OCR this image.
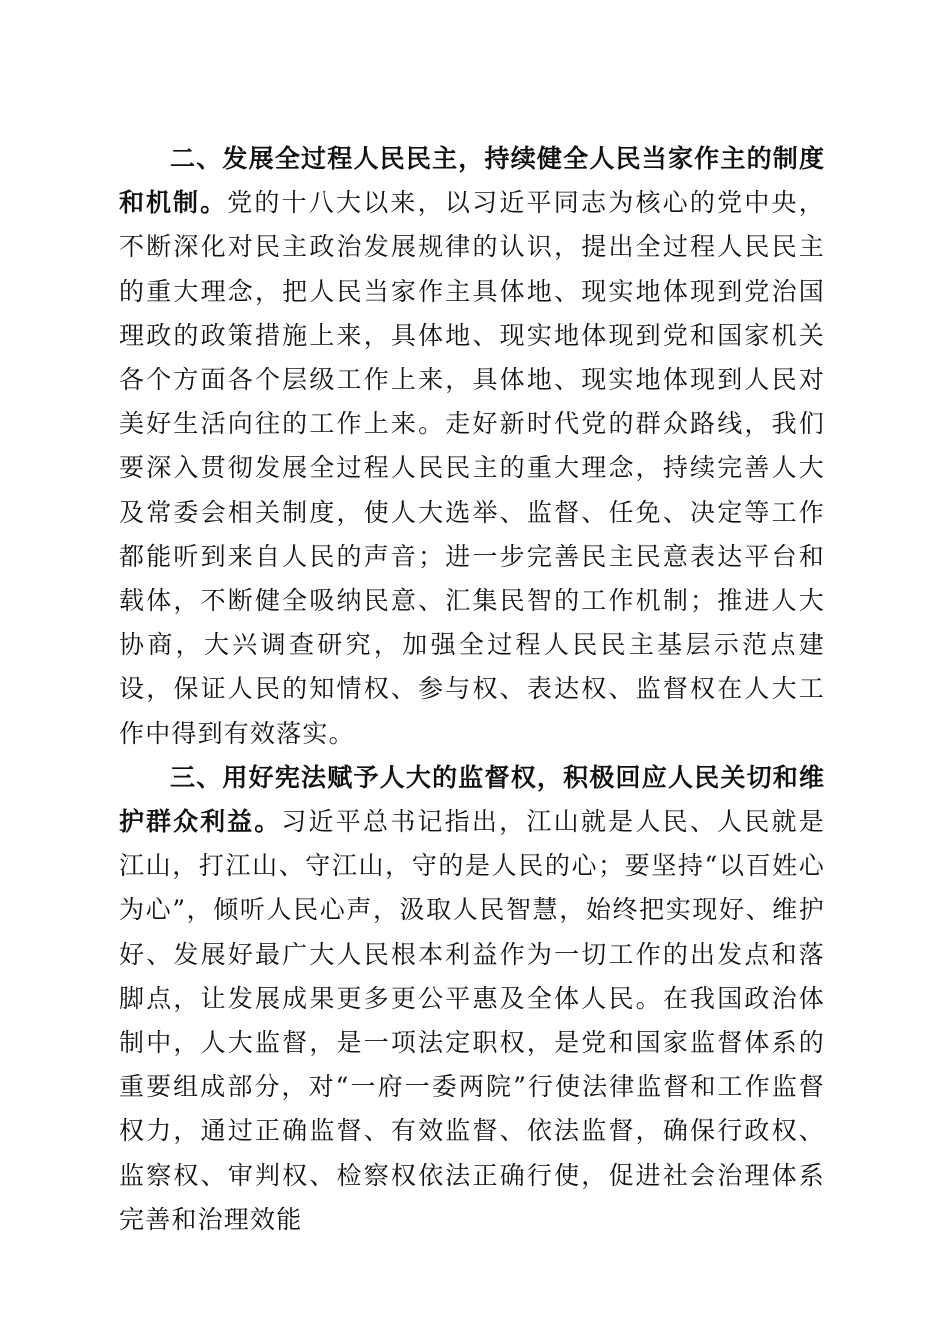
二、发展全过程人民民主，持续健全人民当家作主的制度和机制。党的十八大以来，以习近平同志为核心的党中央，不断深化对民主政治发展规律的认识，提出全过程人民民主的重大理念，把人民当家作主具体地、现实地体现到党治国理政的政策措施上来，具体地、现实地体现到党和国家机关各个方面各个层级工作上来，具体地、现实地体现到人民对美好生活向往的工作上来。走好新时代党的群众路线，我们要深入贯彻发展全过程人民民主的重大理念，持续完善人大及常委会相关制度，使人大选举、监督、任免、决定等工作都能听到来自人民的声音；进一步完善民主民意表达平台和载体，不断健全吸纳民意、汇集民智的工作机制；推进人大协商，大兴调查研究，加强全过程人民民主基层示范点建设，保证人民的知情权、参与权、表达权、监督权在人大工作中得到有效落实。

三、用好宪法赋予人大的监督权，积极回应人民关切和维护群众利益。习近平总书记指出，江山就是人民、人民就是江山，打江山、守江山，守的是人民的心；要坚持“以百姓心为心”，倾听人民心声，汲取人民智慧，始终把实现好、维护好、发展好最广大人民根本利益作为一切工作的出发点和落脚点，让发展成果更多更公平惠及全体人民。在我国政治体制中，人大监督，是一项法定职权，是党和国家监督体系的重要组成部分，对“一府一委两院”行使法律监督和工作监督权力，通过正确监督、有效监督、依法监督，确保行政权、监察权、审判权、检察权依法正确行使，促进社会治理体系完善和治理效能
